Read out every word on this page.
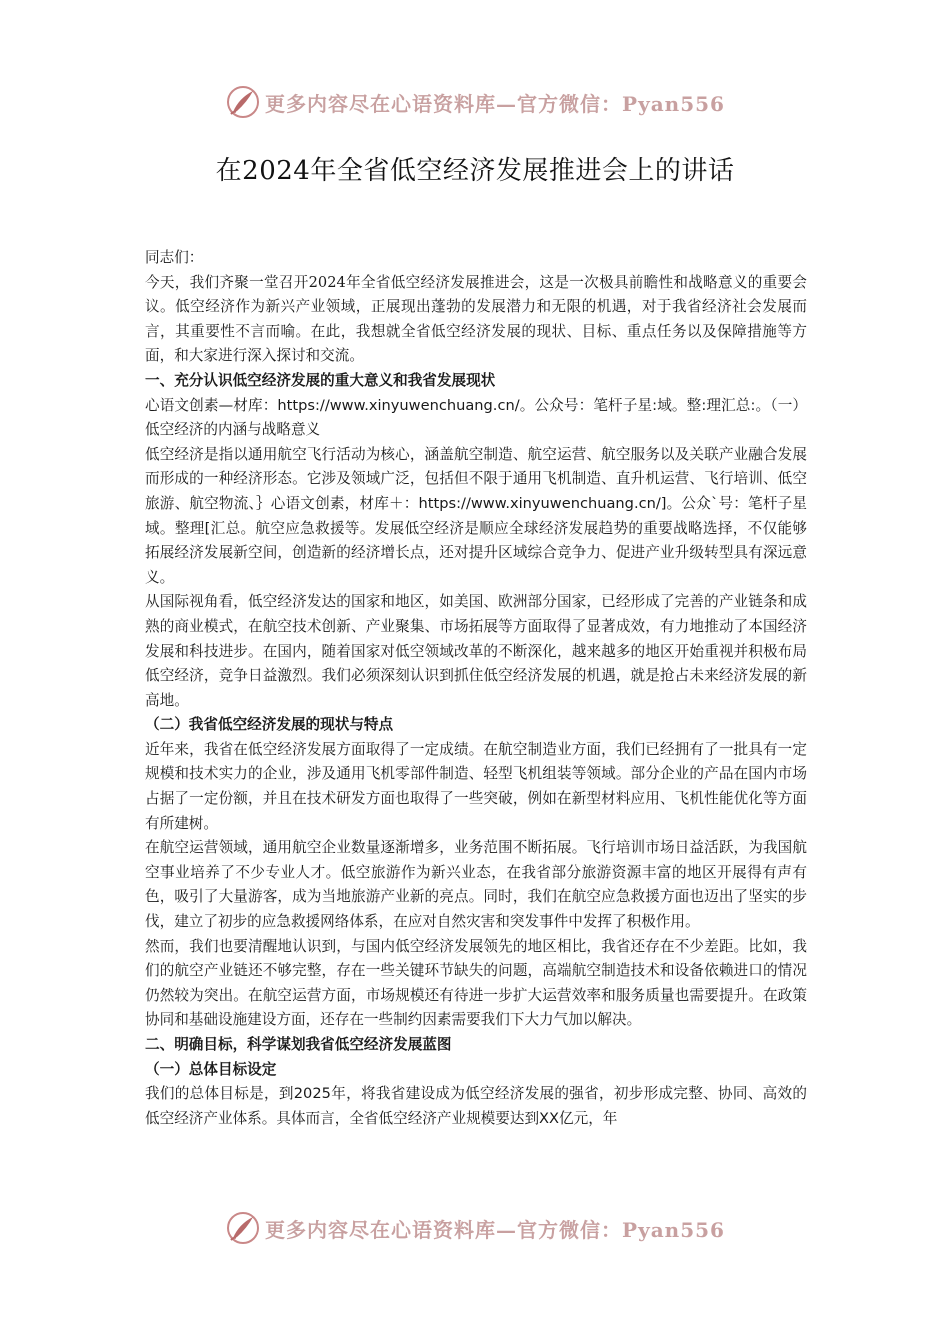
更多内容尽在心语资料库—官方微信：Pyan556
在2024年全省低空经济发展推进会上的讲话

同志们：

今天，我们齐聚一堂召开2024年全省低空经济发展推进会，这是一次极具前瞻性和战略意义的重要会议。低空经济作为新兴产业领域，正展现出蓬勃的发展潜力和无限的机遇，对于我省经济社会发展而言，其重要性不言而喻。在此，我想就全省低空经济发展的现状、目标、重点任务以及保障措施等方面，和大家进行深入探讨和交流。

一、充分认识低空经济发展的重大意义和我省发展现状

心语文创素—材库：https://www.xinyuwenchuang.cn/。公众号：笔杆子星:域。整:理汇总:。（一）低空经济的内涵与战略意义

低空经济是指以通用航空飞行活动为核心，涵盖航空制造、航空运营、航空服务以及关联产业融合发展而形成的一种经济形态。它涉及领域广泛，包括但不限于通用飞机制造、直升机运营、飞行培训、低空旅游、航空物流、｝心语文创素，材库＋：https://www.xinyuwenchuang.cn/]。公众`号：笔杆子星域。整理[汇总。航空应急救援等。发展低空经济是顺应全球经济发展趋势的重要战略选择，不仅能够拓展经济发展新空间，创造新的经济增长点，还对提升区域综合竞争力、促进产业升级转型具有深远意义。

从国际视角看，低空经济发达的国家和地区，如美国、欧洲部分国家，已经形成了完善的产业链条和成熟的商业模式，在航空技术创新、产业聚集、市场拓展等方面取得了显著成效，有力地推动了本国经济发展和科技进步。在国内，随着国家对低空领域改革的不断深化，越来越多的地区开始重视并积极布局低空经济，竞争日益激烈。我们必须深刻认识到抓住低空经济发展的机遇，就是抢占未来经济发展的新高地。

（二）我省低空经济发展的现状与特点

近年来，我省在低空经济发展方面取得了一定成绩。在航空制造业方面，我们已经拥有了一批具有一定规模和技术实力的企业，涉及通用飞机零部件制造、轻型飞机组装等领域。部分企业的产品在国内市场占据了一定份额，并且在技术研发方面也取得了一些突破，例如在新型材料应用、飞机性能优化等方面有所建树。

在航空运营领域，通用航空企业数量逐渐增多，业务范围不断拓展。飞行培训市场日益活跃，为我国航空事业培养了不少专业人才。低空旅游作为新兴业态，在我省部分旅游资源丰富的地区开展得有声有色，吸引了大量游客，成为当地旅游产业新的亮点。同时，我们在航空应急救援方面也迈出了坚实的步伐，建立了初步的应急救援网络体系，在应对自然灾害和突发事件中发挥了积极作用。

然而，我们也要清醒地认识到，与国内低空经济发展领先的地区相比，我省还存在不少差距。比如，我们的航空产业链还不够完整，存在一些关键环节缺失的问题，高端航空制造技术和设备依赖进口的情况仍然较为突出。在航空运营方面，市场规模还有待进一步扩大运营效率和服务质量也需要提升。在政策协同和基础设施建设方面，还存在一些制约因素需要我们下大力气加以解决。

二、明确目标，科学谋划我省低空经济发展蓝图
（一）总体目标设定

我们的总体目标是，到2025年，将我省建设成为低空经济发展的强省，初步形成完整、协同、高效的低空经济产业体系。具体而言，全省低空经济产业规模要达到XX亿元，年

更多内容尽在心语资料库—官方微信：Pyan556
